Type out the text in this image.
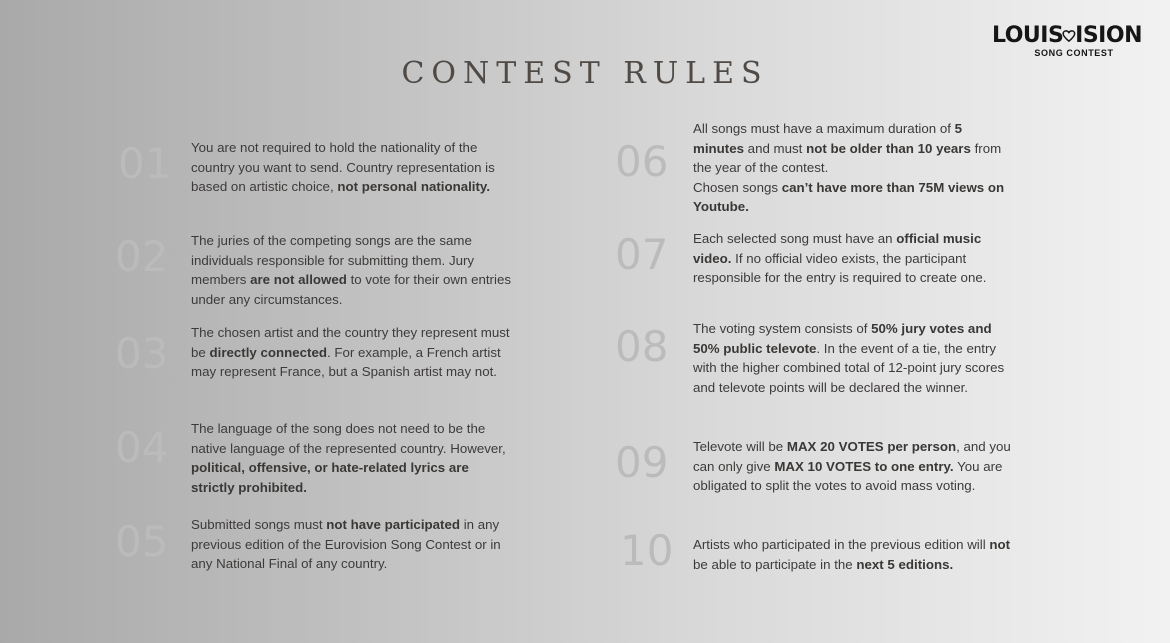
LOUIS ISION
SONG CONTEST
CONTEST RULES
01 You are not required to hold the nationality of the country you want to send. Country representation is based on artistic choice, not personal nationality.
02 The juries of the competing songs are the same individuals responsible for submitting them. Jury members are not allowed to vote for their own entries under any circumstances.
03 The chosen artist and the country they represent must be directly connected. For example, a French artist may represent France, but a Spanish artist may not.
04 The language of the song does not need to be the native language of the represented country. However, political, offensive, or hate-related lyrics are strictly prohibited.
05 Submitted songs must not have participated in any previous edition of the Eurovision Song Contest or in any National Final of any country.
06
All songs must have a maximum duration of 5 minutes and must not be older than 10 years from the year of the contest.
Chosen songs can’t have more than 75M views on Youtube.
07 Each selected song must have an official music video. If no official video exists, the participant responsible for the entry is required to create one.
08 The voting system consists of 50% jury votes and 50% public televote. In the event of a tie, the entry with the higher combined total of 12-point jury scores and televote points will be declared the winner.
09 Televote will be MAX 20 VOTES per person, and you can only give MAX 10 VOTES to one entry. You are obligated to split the votes to avoid mass voting.
10 Artists who participated in the previous edition will not be able to participate in the next 5 editions.
